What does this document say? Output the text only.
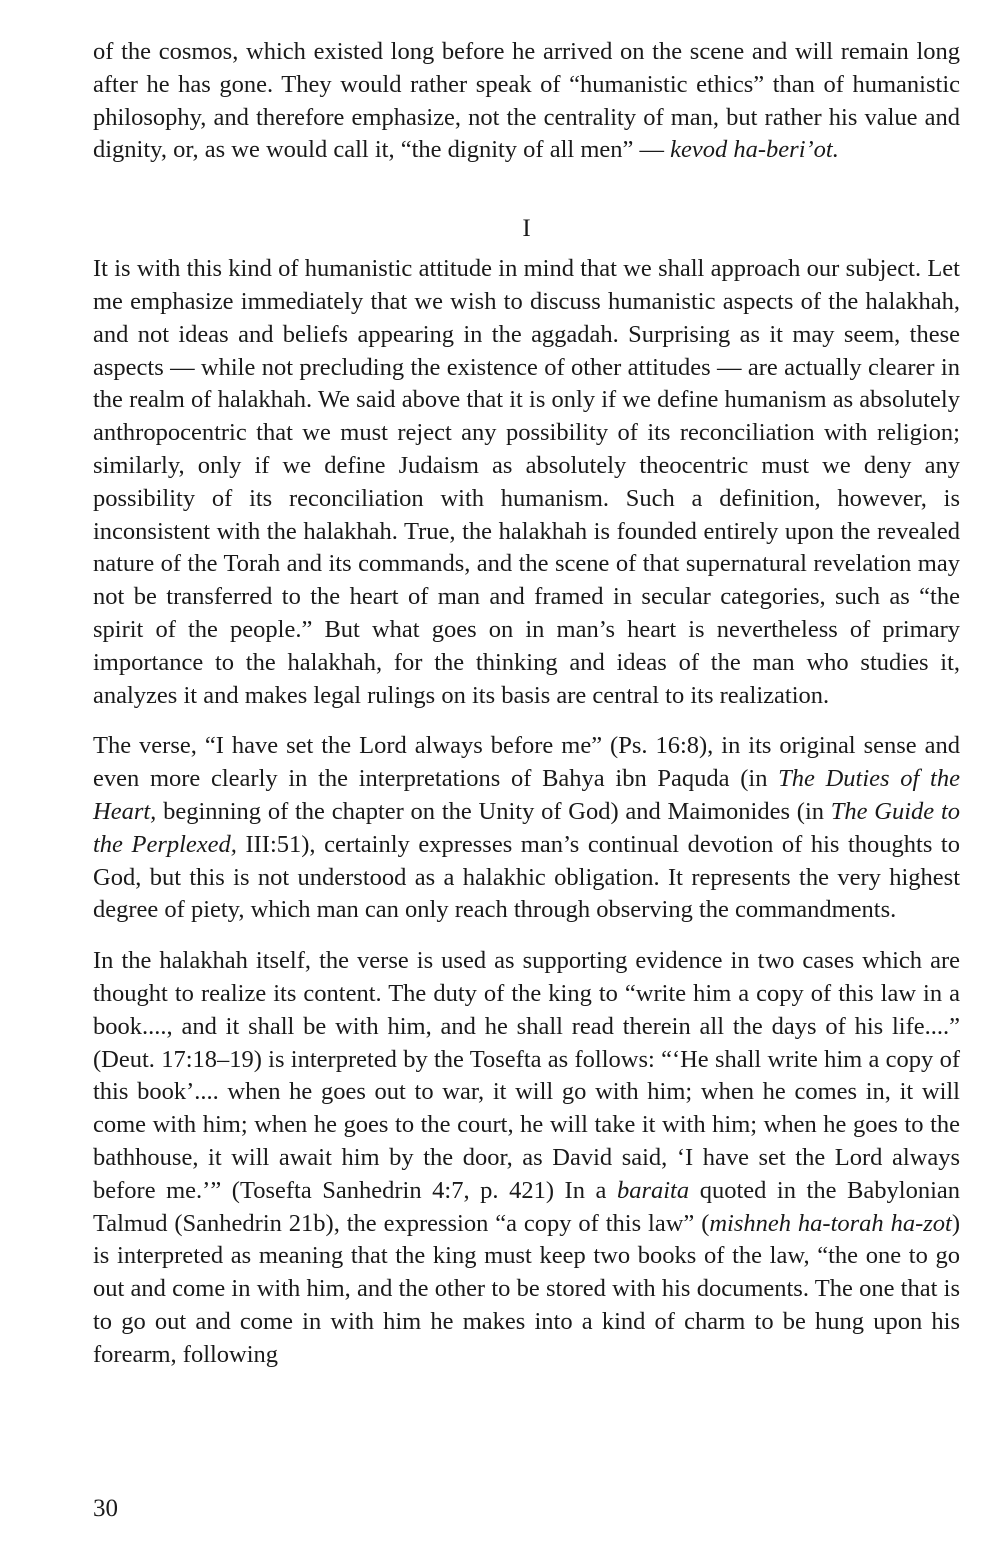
of the cosmos, which existed long before he arrived on the scene and will remain long after he has gone. They would rather speak of “humanistic ethics” than of humanistic philosophy, and therefore emphasize, not the centrality of man, but rather his value and dignity, or, as we would call it, “the dignity of all men” — kevod ha-beri’ot.

I

It is with this kind of humanistic attitude in mind that we shall approach our subject. Let me emphasize immediately that we wish to discuss humanistic aspects of the halakhah, and not ideas and beliefs appearing in the aggadah. Surprising as it may seem, these aspects — while not precluding the existence of other attitudes — are actually clearer in the realm of halakhah. We said above that it is only if we define humanism as absolutely anthropocentric that we must reject any possibility of its reconciliation with religion; similarly, only if we define Judaism as absolutely theocentric must we deny any possibility of its reconciliation with humanism. Such a definition, however, is inconsistent with the halakhah. True, the halakhah is founded entirely upon the revealed nature of the Torah and its commands, and the scene of that supernatural revelation may not be transferred to the heart of man and framed in secular categories, such as “the spirit of the people.” But what goes on in man’s heart is nevertheless of primary importance to the halakhah, for the thinking and ideas of the man who studies it, analyzes it and makes legal rulings on its basis are central to its realization.

The verse, “I have set the Lord always before me” (Ps. 16:8), in its original sense and even more clearly in the interpretations of Bahya ibn Paquda (in The Duties of the Heart, beginning of the chapter on the Unity of God) and Maimonides (in The Guide to the Perplexed, III:51), certainly expresses man’s continual devotion of his thoughts to God, but this is not understood as a halakhic obligation. It represents the very highest degree of piety, which man can only reach through observing the commandments.

In the halakhah itself, the verse is used as supporting evidence in two cases which are thought to realize its content. The duty of the king to “write him a copy of this law in a book...., and it shall be with him, and he shall read therein all the days of his life....” (Deut. 17:18–19) is interpreted by the Tosefta as follows: “‘He shall write him a copy of this book’.... when he goes out to war, it will go with him; when he comes in, it will come with him; when he goes to the court, he will take it with him; when he goes to the bathhouse, it will await him by the door, as David said, ‘I have set the Lord always before me.’” (Tosefta Sanhedrin 4:7, p. 421) In a baraita quoted in the Babylonian Talmud (Sanhedrin 21b), the expression “a copy of this law” (mishneh ha-torah ha-zot) is interpreted as meaning that the king must keep two books of the law, “the one to go out and come in with him, and the other to be stored with his documents. The one that is to go out and come in with him he makes into a kind of charm to be hung upon his forearm, following

30
